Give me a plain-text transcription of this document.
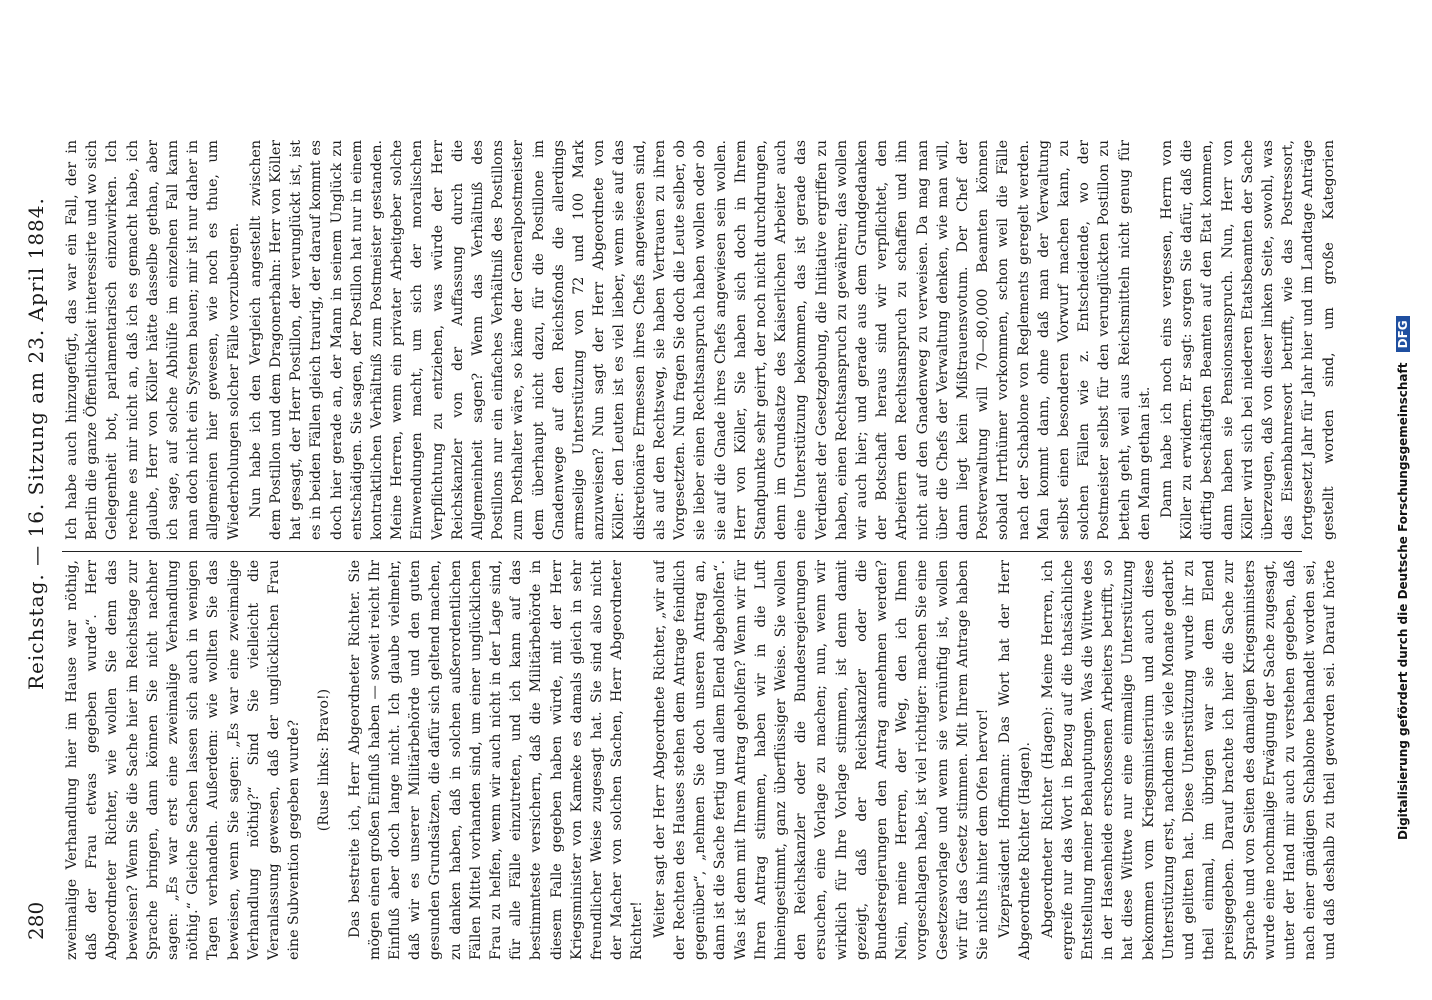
280
Reichstag. — 16. Sitzung am 23. April 1884.

zweimalige Verhandlung hier im Hause war nöthig, daß der Frau etwas gegeben wurde“. Herr Abgeordneter Richter, wie wollen Sie denn das beweisen? Wenn Sie die Sache hier im Reichstage zur Sprache bringen, dann können Sie nicht nachher sagen: „Es war erst eine zweimalige Verhandlung nöthig.“ Gleiche Sachen lassen sich auch in wenigen Tagen verhandeln. Außerdem: wie wollten Sie das beweisen, wenn Sie sagen: „Es war eine zweimalige Verhandlung nöthig?“ Sind Sie vielleicht die Veranlassung gewesen, daß der unglücklichen Frau eine Subvention gegeben wurde? (Ruse links: Bravo!) Das bestreite ich, Herr Abgeordneter Richter. Sie mögen einen großen Einfluß haben — soweit reicht Ihr Einfluß aber doch lange nicht. Ich glaube vielmehr, daß wir es unserer Militärbehörde und den guten gesunden Grundsätzen, die dafür sich geltend machen, zu danken haben, daß in solchen außerordentlichen Fällen Mittel vorhanden sind, um einer unglücklichen Frau zu helfen, wenn wir auch nicht in der Lage sind, für alle Fälle einzutreten, und ich kann auf das bestimmteste versichern, daß die Militärbehörde in diesem Falle gegeben haben würde, mit der Herr Kriegsminister von Kameke es damals gleich in sehr freundlicher Weise zugesagt hat. Sie sind also nicht der Macher von solchen Sachen, Herr Abgeordneter Richter! Weiter sagt der Herr Abgeordnete Richter, „wir auf der Rechten des Hauses stehen dem Antrage feindlich gegenüber“, „nehmen Sie doch unseren Antrag an, dann ist die Sache fertig und allem Elend abgeholfen“. Was ist denn mit Ihrem Antrag geholfen? Wenn wir für Ihren Antrag stimmen, haben wir in die Luft hineingestimmt, ganz überflüssiger Weise. Sie wollen den Reichskanzler oder die Bundesregierungen ersuchen, eine Vorlage zu machen; nun, wenn wir wirklich für Ihre Vorlage stimmen, ist denn damit gezeigt, daß der Reichskanzler oder die Bundesregierungen den Antrag annehmen werden? Nein, meine Herren, der Weg, den ich Ihnen vorgeschlagen habe, ist viel richtiger: machen Sie eine Gesetzesvorlage und wenn sie vernünftig ist, wollen wir für das Gesetz stimmen. Mit Ihrem Antrage haben Sie nichts hinter dem Ofen hervor! Vizepräsident Hoffmann: Das Wort hat der Herr Abgeordnete Richter (Hagen). Abgeordneter Richter (Hagen): Meine Herren, ich ergreife nur das Wort in Bezug auf die thatsächliche Entstellung meiner Behauptungen. Was die Wittwe des in der Hasenheide erschossenen Arbeiters betrifft, so hat diese Wittwe nur eine einmalige Unterstützung bekommen vom Kriegsministerium und auch diese Unterstützung erst, nachdem sie viele Monate gedarbt und gelitten hat. Diese Unterstützung wurde ihr zu theil einmal, im übrigen war sie dem Elend preisgegeben. Darauf brachte ich hier die Sache zur Sprache und von Seiten des damaligen Kriegsministers wurde eine nochmalige Erwägung der Sache zugesagt, unter der Hand mir auch zu verstehen gegeben, daß nach einer gnädigen Schablone behandelt worden sei, und daß deshalb zu theil geworden sei. Darauf hörte

Ich habe auch hinzugefügt, das war ein Fall, der in Berlin die ganze Öffentlichkeit interessirte und wo sich Gelegenheit bot, parlamentarisch einzuwirken. Ich rechne es mir nicht an, daß ich es gemacht habe, ich glaube, Herr von Köller hätte dasselbe gethan, aber ich sage, auf solche Abhülfe im einzelnen Fall kann man doch nicht ein System bauen; mir ist nur daher in allgemeinen hier gewesen, wie noch es thue, um Wiederholungen solcher Fälle vorzubeugen. Nun habe ich den Vergleich angestellt zwischen dem Postillon und dem Dragonerbahn: Herr von Köller hat gesagt, der Herr Postillon, der verunglückt ist, ist es in beiden Fällen gleich traurig, der darauf kommt es doch hier gerade an, der Mann in seinem Unglück zu entschädigen. Sie sagen, der Postillon hat nur in einem kontraktlichen Verhältniß zum Postmeister gestanden. Meine Herren, wenn ein privater Arbeitgeber solche Einwendungen macht, um sich der moralischen Verpflichtung zu entziehen, was würde der Herr Reichskanzler von der Auffassung durch die Allgemeinheit sagen? Wenn das Verhältniß des Postillons nur ein einfaches Verhältniß des Postillons zum Posthalter wäre, so käme der Generalpostmeister dem überhaupt nicht dazu, für die Postillone im Gnadenwege auf den Reichsfonds die allerdings armselige Unterstützung von 72 und 100 Mark anzuweisen? Nun sagt der Herr Abgeordnete von Köller: den Leuten ist es viel lieber, wenn sie auf das diskretionäre Ermessen ihres Chefs angewiesen sind, als auf den Rechtsweg, sie haben Vertrauen zu ihren Vorgesetzten. Nun fragen Sie doch die Leute selber, ob sie lieber einen Rechtsanspruch haben wollen oder ob sie auf die Gnade ihres Chefs angewiesen sein wollen. Herr von Köller, Sie haben sich doch in Ihrem Standpunkte sehr geirrt, der noch nicht durchdrungen, denn im Grundsatze des Kaiserlichen Arbeiter auch eine Unterstützung bekommen, das ist gerade das Verdienst der Gesetzgebung, die Initiative ergriffen zu haben, einen Rechtsanspruch zu gewähren; das wollen wir auch hier; und gerade aus dem Grundgedanken der Botschaft heraus sind wir verpflichtet, den Arbeitern den Rechtsanspruch zu schaffen und ihn nicht auf den Gnadenweg zu verweisen. Da mag man über die Chefs der Verwaltung denken, wie man will, dann liegt kein Mißtrauensvotum. Der Chef der Postverwaltung will 70—80,000 Beamten können sobald Irrthümer vorkommen, schon weil die Fälle nach der Schablone von Reglements geregelt werden. Man kommt dann, ohne daß man der Verwaltung selbst einen besonderen Vorwurf machen kann, zu solchen Fällen wie z. Entscheidende, wo der Postmeister selbst für den verunglückten Postillon zu betteln geht, weil aus Reichsmitteln nicht genug für den Mann gethan ist. Dann habe ich noch eins vergessen, Herrn von Köller zu erwidern. Er sagt: sorgen Sie dafür, daß die dürftig beschäftigten Beamten auf den Etat kommen, dann haben sie Pensionsanspruch. Nun, Herr von Köller wird sich bei niederen Etatsbeamten der Sache überzeugen, daß von dieser linken Seite, sowohl, was das Eisenbahnresort betrifft, wie das Postressort, fortgesetzt Jahr für Jahr hier und im Landtage Anträge gestellt worden sind, um große Kategorien

Digitalisierung gefördert durch die Deutsche Forschungsgemeinschaft DFG
